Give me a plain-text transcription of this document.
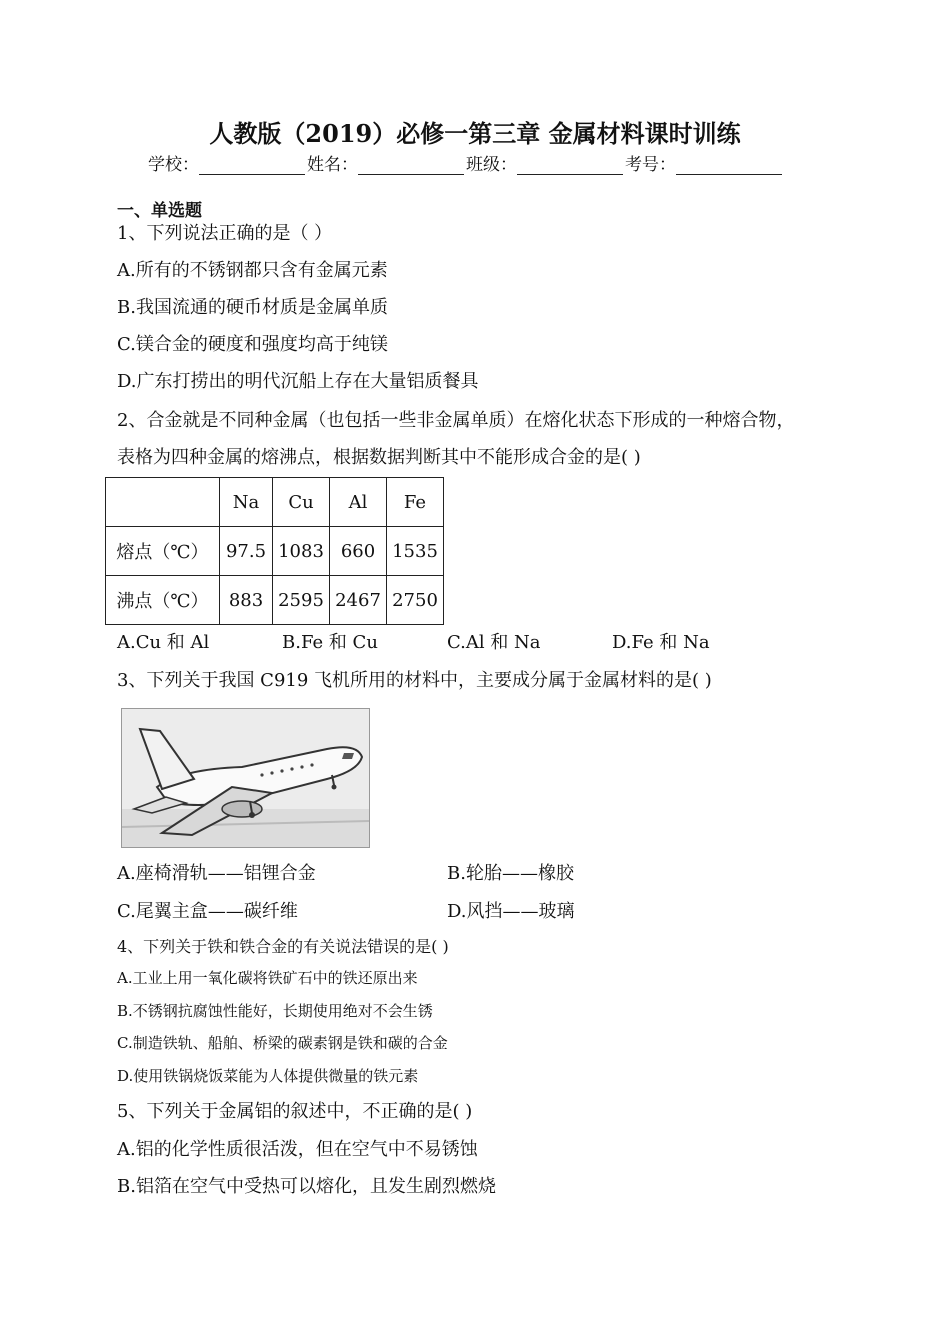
人教版（2019）必修一第三章 金属材料课时训练
学校：	姓名：	班级：	考号：
一、单选题
1、下列说法正确的是（ ）
A.所有的不锈钢都只含有金属元素
B.我国流通的硬币材质是金属单质
C.镁合金的硬度和强度均高于纯镁
D.广东打捞出的明代沉船上存在大量铝质餐具
2、合金就是不同种金属（也包括一些非金属单质）在熔化状态下形成的一种熔合物，
表格为四种金属的熔沸点，根据数据判断其中不能形成合金的是( )
	Na	Cu	Al	Fe
熔点（℃）	97.5	1083	660	1535
沸点（℃）	883	2595	2467	2750
A.Cu 和 Al	B.Fe 和 Cu	C.Al 和 Na	D.Fe 和 Na
3、下列关于我国 C919 飞机所用的材料中，主要成分属于金属材料的是( )
A.座椅滑轨——铝锂合金	B.轮胎——橡胶
C.尾翼主盒——碳纤维	D.风挡——玻璃
4、下列关于铁和铁合金的有关说法错误的是( )
A.工业上用一氧化碳将铁矿石中的铁还原出来
B.不锈钢抗腐蚀性能好，长期使用绝对不会生锈
C.制造铁轨、船舶、桥梁的碳素钢是铁和碳的合金
D.使用铁锅烧饭菜能为人体提供微量的铁元素
5、下列关于金属铝的叙述中，不正确的是( )
A.铝的化学性质很活泼，但在空气中不易锈蚀
B.铝箔在空气中受热可以熔化，且发生剧烈燃烧
